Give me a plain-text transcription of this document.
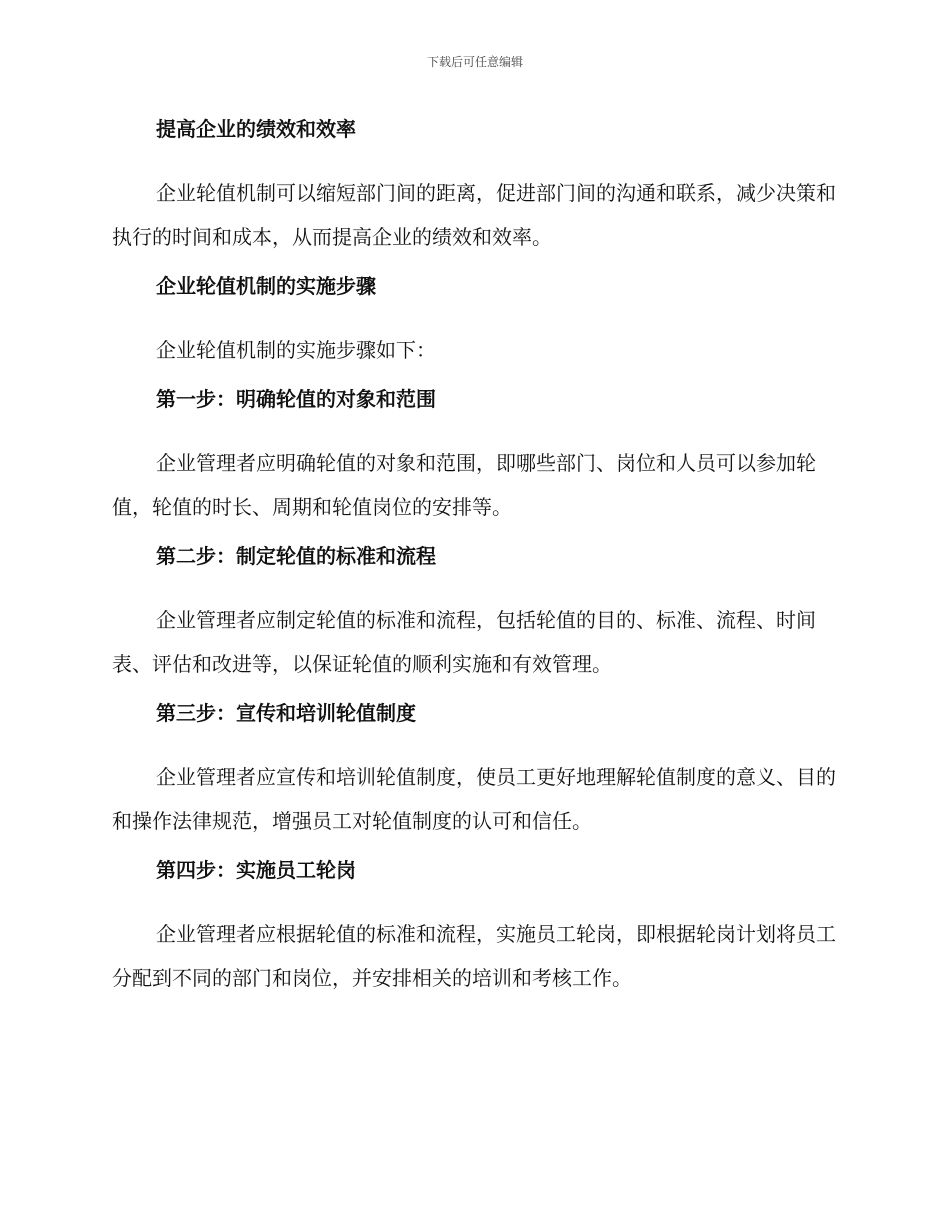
下载后可任意编辑
提高企业的绩效和效率

企业轮值机制可以缩短部门间的距离，促进部门间的沟通和联系，减少决策和执行的时间和成本，从而提高企业的绩效和效率。

企业轮值机制的实施步骤

企业轮值机制的实施步骤如下：

第一步：明确轮值的对象和范围

企业管理者应明确轮值的对象和范围，即哪些部门、岗位和人员可以参加轮值，轮值的时长、周期和轮值岗位的安排等。

第二步：制定轮值的标准和流程

企业管理者应制定轮值的标准和流程，包括轮值的目的、标准、流程、时间表、评估和改进等，以保证轮值的顺利实施和有效管理。

第三步：宣传和培训轮值制度

企业管理者应宣传和培训轮值制度，使员工更好地理解轮值制度的意义、目的和操作法律规范，增强员工对轮值制度的认可和信任。

第四步：实施员工轮岗

企业管理者应根据轮值的标准和流程，实施员工轮岗，即根据轮岗计划将员工分配到不同的部门和岗位，并安排相关的培训和考核工作。
